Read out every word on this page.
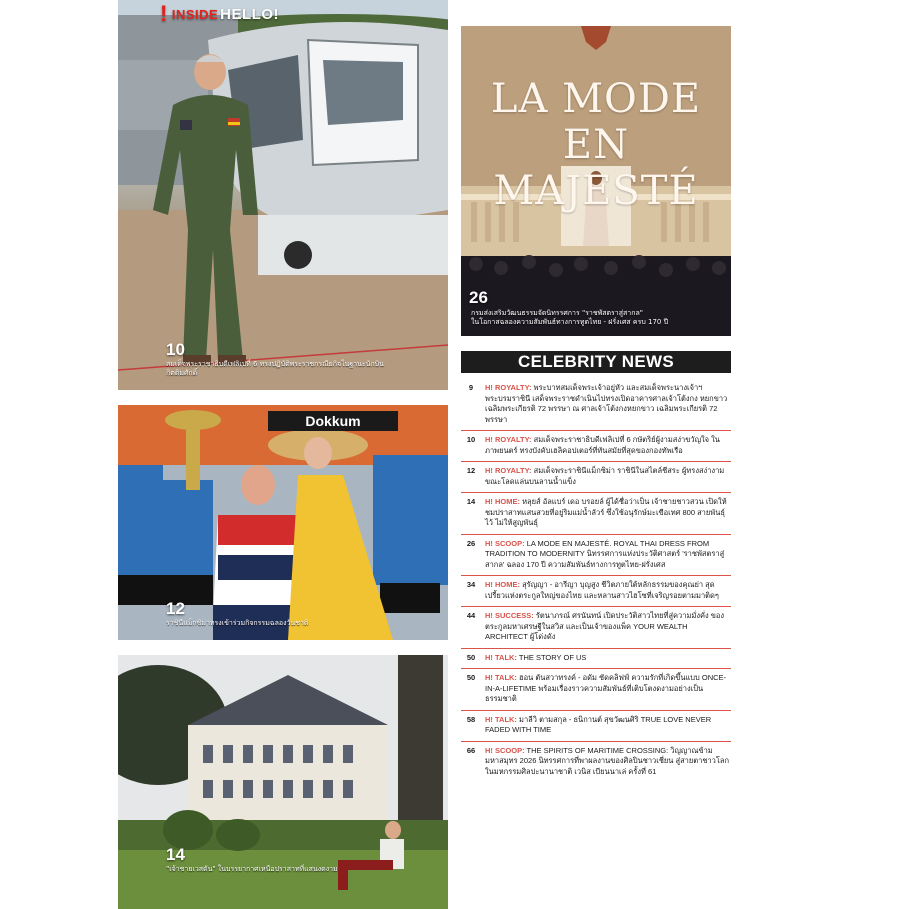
! INSIDE HELLO!
10
สมเด็จพระราชาธิบดีเฟลิเปที่ 6 ทรงปฏิบัติพระราชกรณียกิจในฐานะนักบินกิตติมศักดิ์
LA MODE
EN MAJESTÉ
26
กรมส่งเสริมวัฒนธรรมจัดนิทรรศการ "ราชพัสตราสู่สากล"
ในโอกาสฉลองความสัมพันธ์ทางการทูตไทย - ฝรั่งเศส ครบ 170 ปี
Dokkum
12
ราชินีแม็กซิม่าทรงเข้าร่วมกิจกรรมฉลองวันชาติ
14
"เจ้าชายเวสตัน" ในบรรยากาศเหนือปราสาทที่แสนงดงาม
CELEBRITY NEWS
9	H! ROYALTY: พระบาทสมเด็จพระเจ้าอยู่หัว และสมเด็จพระนางเจ้าฯ พระบรมราชินี เสด็จพระราชดำเนินไปทรงเปิดอาคารศาลเจ้าโต้งกง หยกขาว เฉลิมพระเกียรติ 72 พรรษา ณ ศาลเจ้าโต้งกงหยกขาว เฉลิมพระเกียรติ 72 พรรษา
10	H! ROYALTY: สมเด็จพระราชาธิบดีเฟลิเปที่ 6 กษัตริย์ผู้งามสง่าขวัญใจ ในภาพยนตร์ ทรงบังคับเฮลิคอปเตอร์ที่ทันสมัยที่สุดของกองทัพเรือ
12	H! ROYALTY: สมเด็จพระราชินีแม็กซิม่า ราชินีในสไตล์ชีสระ ผู้ทรงสง่างามขณะโลดแล่นบนลานน้ำแข็ง
14	H! HOME: หลุยส์ อัลแบร์ เดอ บรอยล์ ผู้ได้ชื่อว่าเป็น เจ้าชายชาวสวน เปิดให้ชมปราสาทแสนสวยที่อยู่ริมแม่น้ำลัวร์ ซึ่งใช้อนุรักษ์มะเขือเทศ 800 สายพันธุ์ไว้ ไม่ให้สูญพันธุ์
26	H! SCOOP: LA MODE EN MAJESTÉ. ROYAL THAI DRESS FROM TRADITION TO MODERNITY นิทรรศการแห่งประวัติศาสตร์ 'ราชพัสตราสู่สากล' ฉลอง 170 ปี ความสัมพันธ์ทางการทูตไทย-ฝรั่งเศส
34	H! HOME: สุรัญญา - อารีญา บุญสูง ชีวิตภายใต้หลักธรรมของคุณย่า สุดเปรี้ยวแห่งตระกูลใหญ่ของไทย และหลานสาวไฮโซที่เจริญรอยตามมาติดๆ
44	H! SUCCESS: รัตนาภรณ์ ศรนันทน์ เปิดประวัติสาวไทยที่สู่ความมั่งคั่ง ของตระกูลมหาเศรษฐีในสวิส และเป็นเจ้าของแพ็ค YOUR WEALTH ARCHITECT ผู้โด่งดัง
50	H! TALK: THE STORY OF US
50	H! TALK: ฮอน ตันสวาทรงค์ - อดัม ชัดคลิฟฟ์ ความรักที่เกิดขึ้นแบบ ONCE-IN-A-LIFETIME พร้อมเรื่องราวความสัมพันธ์ที่เติบโตงดงามอย่างเป็นธรรมชาติ
58	H! TALK: มาลีวิ ตามสกุล - ธนิกานต์ สุขวัฒนศิริ TRUE LOVE NEVER FADED WITH TIME
66	H! SCOOP: THE SPIRITS OF MARITIME CROSSING: วิญญาณข้ามมหาสมุทร 2026 นิทรรศการที่พาผลงานของศิลปินชาวเชี่ยน สู่สายตาชาวโลก ในมหกรรมศิลปะนานาชาติ เวนิส เบียนนาเล่ ครั้งที่ 61
